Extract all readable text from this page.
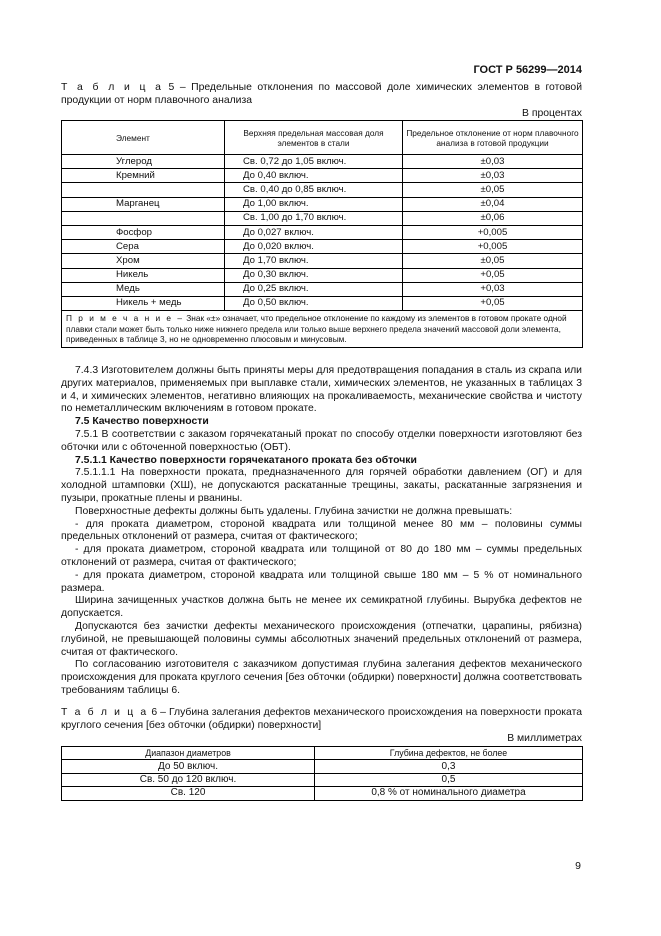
ГОСТ Р 56299—2014
Т а б л и ц а 5 – Предельные отклонения по массовой доле химических элементов в готовой продукции от норм плавочного анализа
В процентах
Элемент	Верхняя предельная массовая доля элементов в стали	Предельное отклонение от норм плавочного анализа в готовой продукции
Углерод	Св. 0,72 до 1,05 включ.	±0,03
Кремний	До 0,40 включ.	±0,03
	Св. 0,40 до 0,85 включ.	±0,05
Марганец	До 1,00 включ.	±0,04
	Св. 1,00 до 1,70 включ.	±0,06
Фосфор	До 0,027 включ.	+0,005
Сера	До 0,020 включ.	+0,005
Хром	До 1,70 включ.	±0,05
Никель	До 0,30 включ.	+0,05
Медь	До 0,25 включ.	+0,03
Никель + медь	До 0,50 включ.	+0,05
П р и м е ч а н и е – Знак «±» означает, что предельное отклонение по каждому из элементов в готовом прокате одной плавки стали может быть только ниже нижнего предела или только выше верхнего предела значений массовой доли элемента, приведенных в таблице 3, но не одновременно плюсовым и минусовым.		

7.4.3 Изготовителем должны быть приняты меры для предотвращения попадания в сталь из скрапа или других материалов, применяемых при выплавке стали, химических элементов, не указанных в таблицах 3 и 4, и химических элементов, негативно влияющих на прокаливаемость, механические свойства и чистоту по неметаллическим включениям в готовом прокате.

7.5 Качество поверхности

7.5.1 В соответствии с заказом горячекатаный прокат по способу отделки поверхности изготовляют без обточки или с обточенной поверхностью (ОБТ).

7.5.1.1 Качество поверхности горячекатаного проката без обточки

7.5.1.1.1 На поверхности проката, предназначенного для горячей обработки давлением (ОГ) и для холодной штамповки (ХШ), не допускаются раскатанные трещины, закаты, раскатанные загрязнения и пузыри, прокатные плены и рванины.

Поверхностные дефекты должны быть удалены. Глубина зачистки не должна превышать:

- для проката диаметром, стороной квадрата или толщиной менее 80 мм – половины суммы предельных отклонений от размера, считая от фактического;

- для проката диаметром, стороной квадрата или толщиной от 80 до 180 мм – суммы предельных отклонений от размера, считая от фактического;

- для проката диаметром, стороной квадрата или толщиной свыше 180 мм – 5 % от номинального размера.

Ширина зачищенных участков должна быть не менее их семикратной глубины. Вырубка дефектов не допускается.

Допускаются без зачистки дефекты механического происхождения (отпечатки, царапины, рябизна) глубиной, не превышающей половины суммы абсолютных значений предельных отклонений от размера, считая от фактического.

По согласованию изготовителя с заказчиком допустимая глубина залегания дефектов механического происхождения для проката круглого сечения [без обточки (обдирки) поверхности] должна соответствовать требованиям таблицы 6.

Т а б л и ц а 6 – Глубина залегания дефектов механического происхождения на поверхности проката круглого сечения [без обточки (обдирки) поверхности]
В миллиметрах
Диапазон диаметров	Глубина дефектов, не более
До 50 включ.	0,3
Св. 50 до 120 включ.	0,5
Св. 120	0,8 % от номинального диаметра
9
